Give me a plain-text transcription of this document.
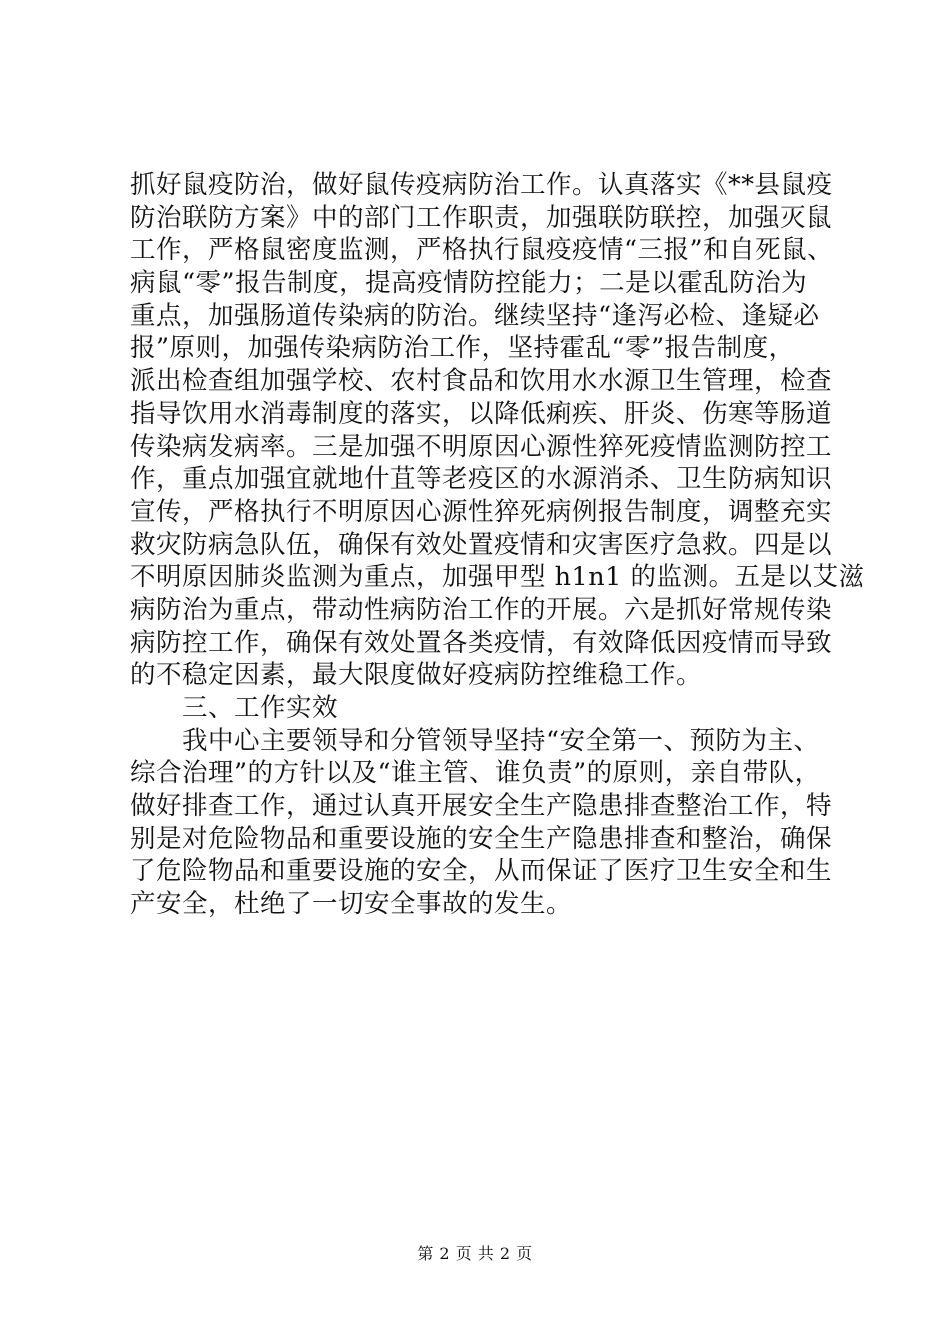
抓好鼠疫防治，做好鼠传疫病防治工作。认真落实《**县鼠疫
防治联防方案》中的部门工作职责，加强联防联控，加强灭鼠
工作，严格鼠密度监测，严格执行鼠疫疫情“三报”和自死鼠、
病鼠“零”报告制度，提高疫情防控能力；二是以霍乱防治为
重点，加强肠道传染病的防治。继续坚持“逢泻必检、逢疑必
报”原则，加强传染病防治工作，坚持霍乱“零”报告制度，
派出检查组加强学校、农村食品和饮用水水源卫生管理，检查
指导饮用水消毒制度的落实，以降低痢疾、肝炎、伤寒等肠道
传染病发病率。三是加强不明原因心源性猝死疫情监测防控工
作，重点加强宜就地什苴等老疫区的水源消杀、卫生防病知识
宣传，严格执行不明原因心源性猝死病例报告制度，调整充实
救灾防病急队伍，确保有效处置疫情和灾害医疗急救。四是以
不明原因肺炎监测为重点，加强甲型 h1n1 的监测。五是以艾滋
病防治为重点，带动性病防治工作的开展。六是抓好常规传染
病防控工作，确保有效处置各类疫情，有效降低因疫情而导致
的不稳定因素，最大限度做好疫病防控维稳工作。
三、工作实效
我中心主要领导和分管领导坚持“安全第一、预防为主、
综合治理”的方针以及“谁主管、谁负责”的原则，亲自带队，
做好排查工作，通过认真开展安全生产隐患排查整治工作，特
别是对危险物品和重要设施的安全生产隐患排查和整治，确保
了危险物品和重要设施的安全，从而保证了医疗卫生安全和生
产安全，杜绝了一切安全事故的发生。
第 2 页 共 2 页
